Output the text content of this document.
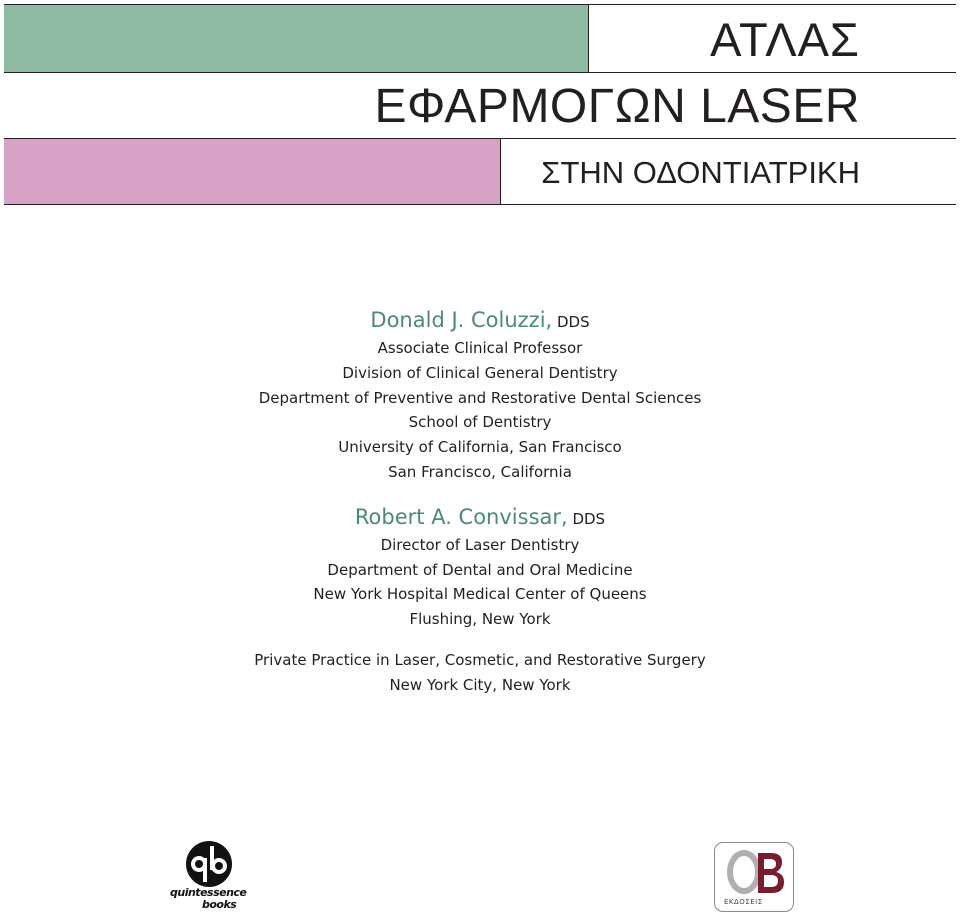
ΑΤΛΑΣ
ΕΦΑΡΜΟΓΩΝ LASER
ΣΤΗΝ ΟΔΟΝΤΙΑΤΡΙΚΗ
Donald J. Coluzzi, DDS
Associate Clinical Professor
Division of Clinical General Dentistry
Department of Preventive and Restorative Dental Sciences
School of Dentistry
University of California, San Francisco
San Francisco, California
Robert A. Convissar, DDS
Director of Laser Dentistry
Department of Dental and Oral Medicine
New York Hospital Medical Center of Queens
Flushing, New York
Private Practice in Laser, Cosmetic, and Restorative Surgery
New York City, New York
quintessence
books	ΕΚΔΟΣΕΙΣ
